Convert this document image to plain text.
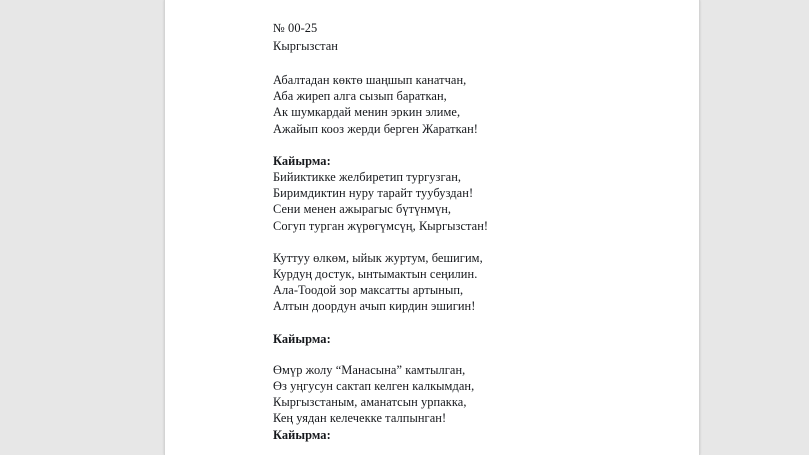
№ 00-25
Кыргызстан
Абалтадан көктө шаңшып канатчан,
Аба жиреп алга сызып бараткан,
Ак шумкардай менин эркин элиме,
Ажайып кооз жерди берген Жараткан!
Кайырма:
Бийиктикке желбиретип тургузган,
Биримдиктин нуру тарайт туубуздан!
Сени менен ажырагыс бүтүнмүн,
Согуп турган жүрөгүмсүң, Кыргызстан!
Куттуу өлкөм, ыйык журтум, бешигим,
Курдуң достук, ынтымактын сеңилин.
Ала-Тоодой зор максатты артынып,
Алтын доордун ачып кирдин эшигин!
Кайырма:
Өмүр жолу “Манасына” камтылган,
Өз уңгусун сактап келген калкымдан,
Кыргызстаным, аманатсын урпакка,
Кең уядан келечекке талпынган!
Кайырма:
